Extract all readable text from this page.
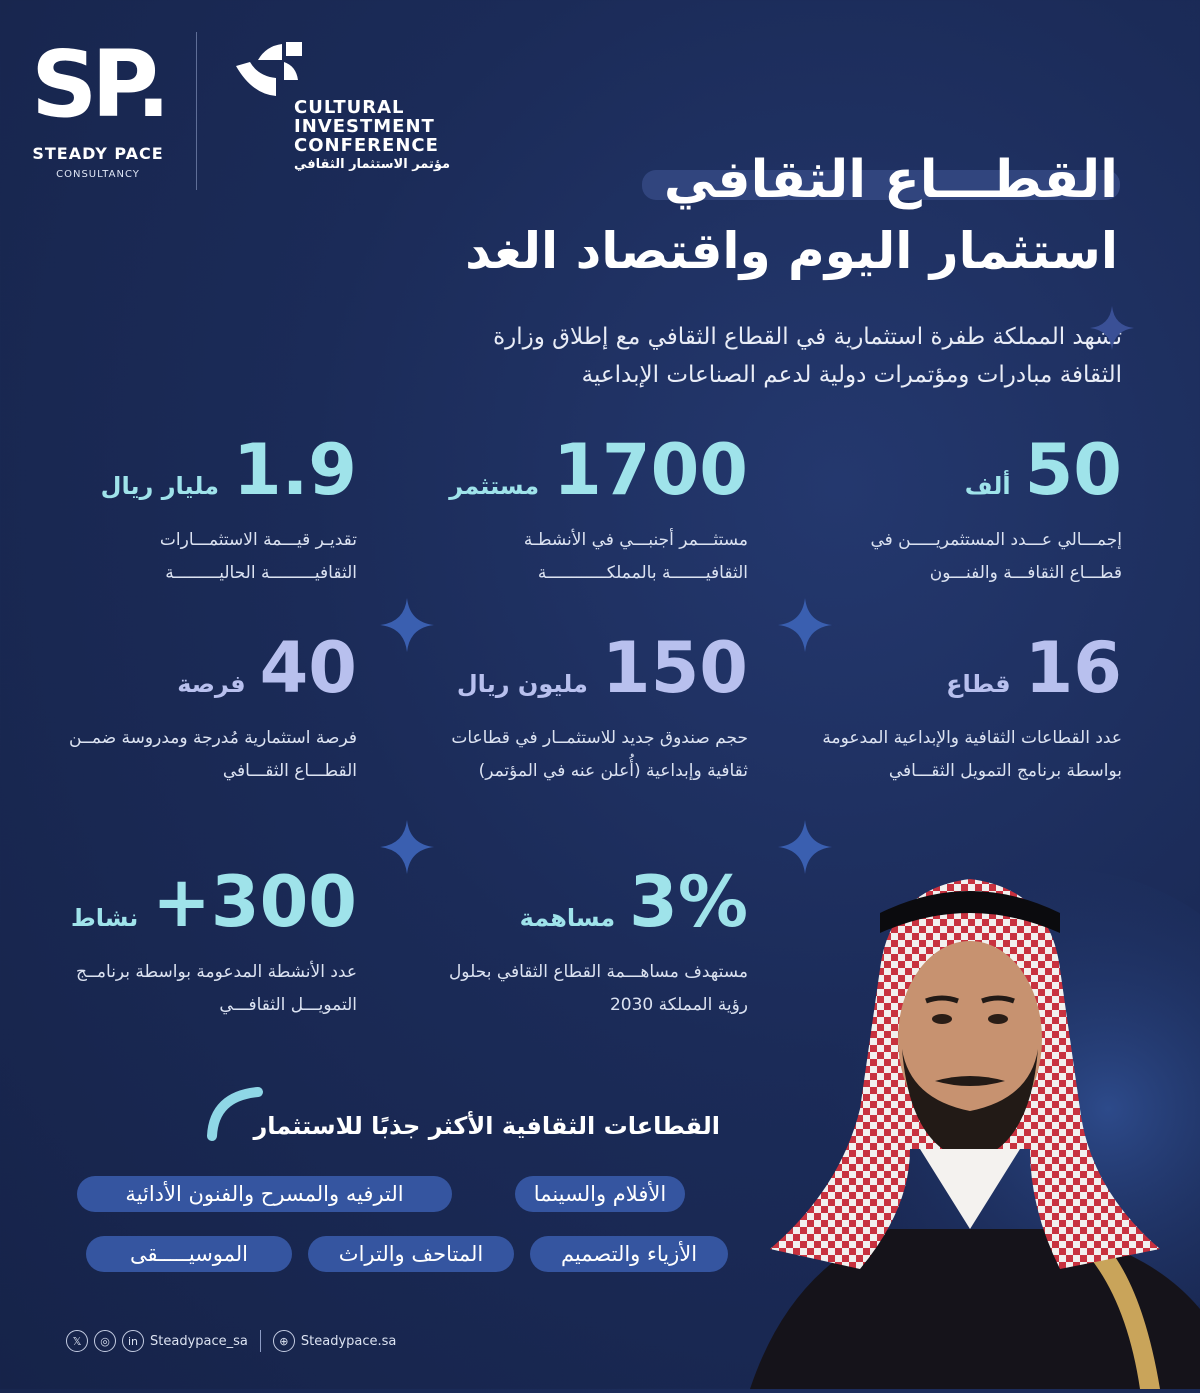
SP.
STEADY PACE
CONSULTANCY
CULTURAL
INVESTMENT
CONFERENCE
مؤتمر الاستثمار الثقافي	القطـــاع الثقافي
استثمار اليوم واقتصاد الغد
تشهد المملكة طفرة استثمارية في القطاع الثقافي مع إطلاق وزارة الثقافة مبادرات ومؤتمرات دولية لدعم الصناعات الإبداعية
50
ألف
إجمـــالي عـــدد المستثمريـــــن في قطـــاع الثقافـــة والفنـــون
1700
مستثمر
مستثـــمر أجنبـــي في الأنشطـة الثقافيـــــــة بالمملكــــــــــــة
1.9
مليار ريال
تقديـر قيـــمة الاستثمـــارات الثقافيـــــــــة الحاليـــــــــة
16
قطاع
عدد القطاعات الثقافية والإبداعية المدعومة بواسطة برنامج التمويل الثقـــافي
150
مليون ريال
حجم صندوق جديد للاستثمــار في قطاعات ثقافية وإبداعية (أُعلن عنه في المؤتمر)
40
فرصة
فرصة استثمارية مُدرجة ومدروسة ضمــن القطـــاع الثقـــافي
3%
مساهمة
مستهدف مساهـــمة القطاع الثقافي بحلول رؤية المملكة 2030
+300
نشاط
عدد الأنشطة المدعومة بواسطة برنامــج التمويـــل الثقافـــي
القطاعات الثقافية الأكثر جذبًا للاستثمار
الأفلام والسينما
الترفيه والمسرح والفنون الأدائية
الأزياء والتصميم
المتاحف والتراث
الموسيـــــقى
𝕏	◎	in Steadypace_sa	⊕ Steadypace.sa
